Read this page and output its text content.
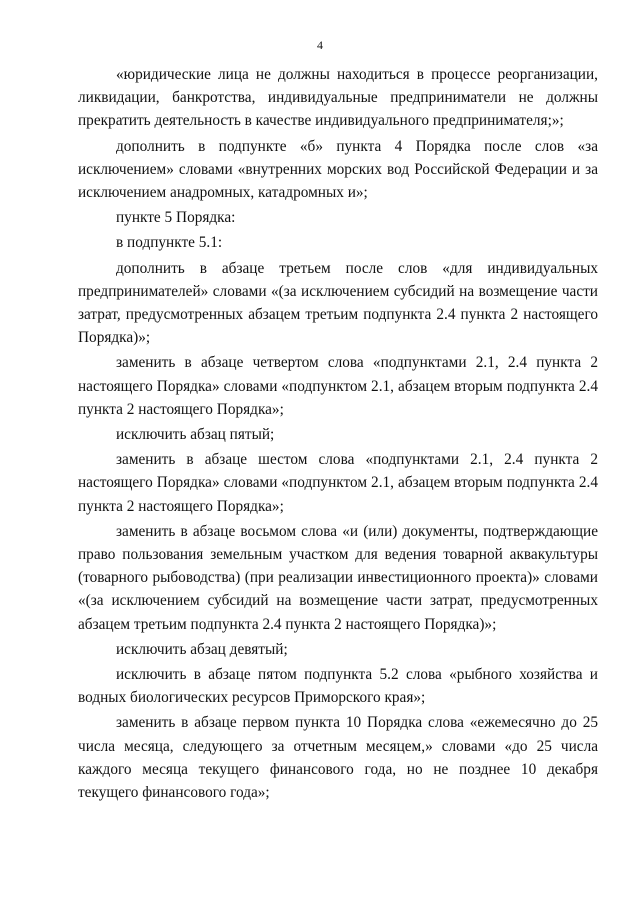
4

«юридические лица не должны находиться в процессе реорганизации, ликвидации, банкротства, индивидуальные предприниматели не должны прекратить деятельность в качестве индивидуального предпринимателя;»;

дополнить в подпункте «б» пункта 4 Порядка после слов «за исключением» словами «внутренних морских вод Российской Федерации и за исключением анадромных, катадромных и»;

пункте 5 Порядка:

в подпункте 5.1:

дополнить в абзаце третьем после слов «для индивидуальных предпринимателей» словами «(за исключением субсидий на возмещение части затрат, предусмотренных абзацем третьим подпункта 2.4 пункта 2 настоящего Порядка)»;

заменить в абзаце четвертом слова «подпунктами 2.1, 2.4 пункта 2 настоящего Порядка» словами «подпунктом 2.1, абзацем вторым подпункта 2.4 пункта 2 настоящего Порядка»;

исключить абзац пятый;

заменить в абзаце шестом слова «подпунктами 2.1, 2.4 пункта 2 настоящего Порядка» словами «подпунктом 2.1, абзацем вторым подпункта 2.4 пункта 2 настоящего Порядка»;

заменить в абзаце восьмом слова «и (или) документы, подтверждающие право пользования земельным участком для ведения товарной аквакультуры (товарного рыбоводства) (при реализации инвестиционного проекта)» словами «(за исключением субсидий на возмещение части затрат, предусмотренных абзацем третьим подпункта 2.4 пункта 2 настоящего Порядка)»;

исключить абзац девятый;

исключить в абзаце пятом подпункта 5.2 слова «рыбного хозяйства и водных биологических ресурсов Приморского края»;

заменить в абзаце первом пункта 10 Порядка слова «ежемесячно до 25 числа месяца, следующего за отчетным месяцем,» словами «до 25 числа каждого месяца текущего финансового года, но не позднее 10 декабря текущего финансового года»;
